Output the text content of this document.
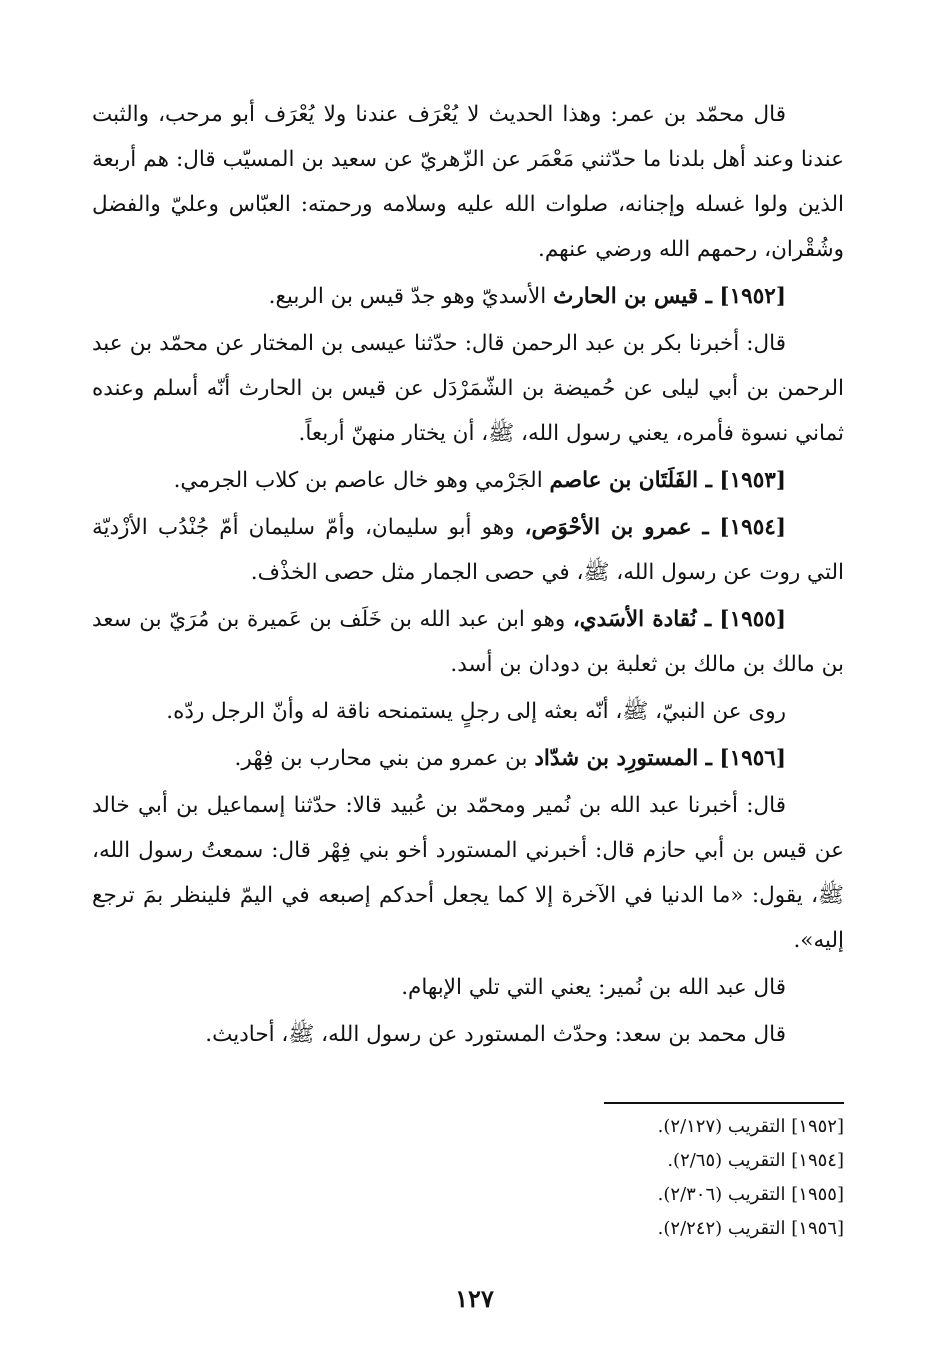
قال محمّد بن عمر: وهذا الحديث لا يُعْرَف عندنا ولا يُعْرَف أبو مرحب، والثبت عندنا وعند أهل بلدنا ما حدّثني مَعْمَر عن الزّهريّ عن سعيد بن المسيّب قال: هم أربعة الذين ولوا غسله وإجنانه، صلوات الله عليه وسلامه ورحمته: العبّاس وعليّ والفضل وشُقْران، رحمهم الله ورضي عنهم.

[١٩٥٢] ـ قيس بن الحارث الأسديّ وهو جدّ قيس بن الربيع.

قال: أخبرنا بكر بن عبد الرحمن قال: حدّثنا عيسى بن المختار عن محمّد بن عبد الرحمن بن أبي ليلى عن حُميضة بن الشّمَرْدَل عن قيس بن الحارث أنّه أسلم وعنده ثماني نسوة فأمره، يعني رسول الله، ﷺ، أن يختار منهنّ أربعاً.

[١٩٥٣] ـ الفَلَتَان بن عاصم الجَرْمي وهو خال عاصم بن كلاب الجرمي.

[١٩٥٤] ـ عمرو بن الأحْوَص، وهو أبو سليمان، وأمّ سليمان أمّ جُنْدُب الأزْديّة التي روت عن رسول الله، ﷺ، في حصى الجمار مثل حصى الخذْف.

[١٩٥٥] ـ نُقادة الأسَدي، وهو ابن عبد الله بن خَلَف بن عَميرة بن مُرَيّ بن سعد بن مالك بن مالك بن ثعلبة بن دودان بن أسد.

روى عن النبيّ، ﷺ، أنّه بعثه إلى رجلٍ يستمنحه ناقة له وأنّ الرجل ردّه.

[١٩٥٦] ـ المستورِد بن شدّاد بن عمرو من بني محارب بن فِهْر.

قال: أخبرنا عبد الله بن نُمير ومحمّد بن عُبيد قالا: حدّثنا إسماعيل بن أبي خالد عن قيس بن أبي حازم قال: أخبرني المستورد أخو بني فِهْر قال: سمعتُ رسول الله، ﷺ، يقول: «ما الدنيا في الآخرة إلا كما يجعل أحدكم إصبعه في اليمّ فلينظر بمَ ترجع إليه».

قال عبد الله بن نُمير: يعني التي تلي الإبهام.

قال محمد بن سعد: وحدّث المستورد عن رسول الله، ﷺ، أحاديث.

[١٩٥٢] التقريب (٢/١٢٧).

[١٩٥٤] التقريب (٢/٦٥).

[١٩٥٥] التقريب (٢/٣٠٦).

[١٩٥٦] التقريب (٢/٢٤٢).

١٢٧
